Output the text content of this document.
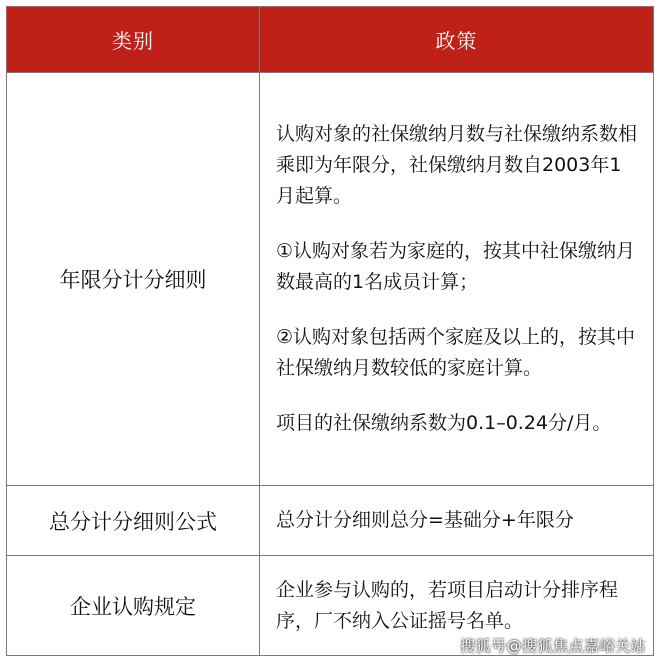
类别	政策
年限分计分细则

认购对象的社保缴纳月数与社保缴纳系数相乘即为年限分，社保缴纳月数自2003年1月起算。

①认购对象若为家庭的，按其中社保缴纳月数最高的1名成员计算；

②认购对象包括两个家庭及以上的，按其中社保缴纳月数较低的家庭计算。

项目的社保缴纳系数为0.1–0.24分/月。

总分计分细则公式	总分计分细则总分=基础分+年限分

企业认购规定

企业参与认购的，若项目启动计分排序程序，厂不纳入公证摇号名单。

搜狐号@搜狐焦点嘉峪关站
